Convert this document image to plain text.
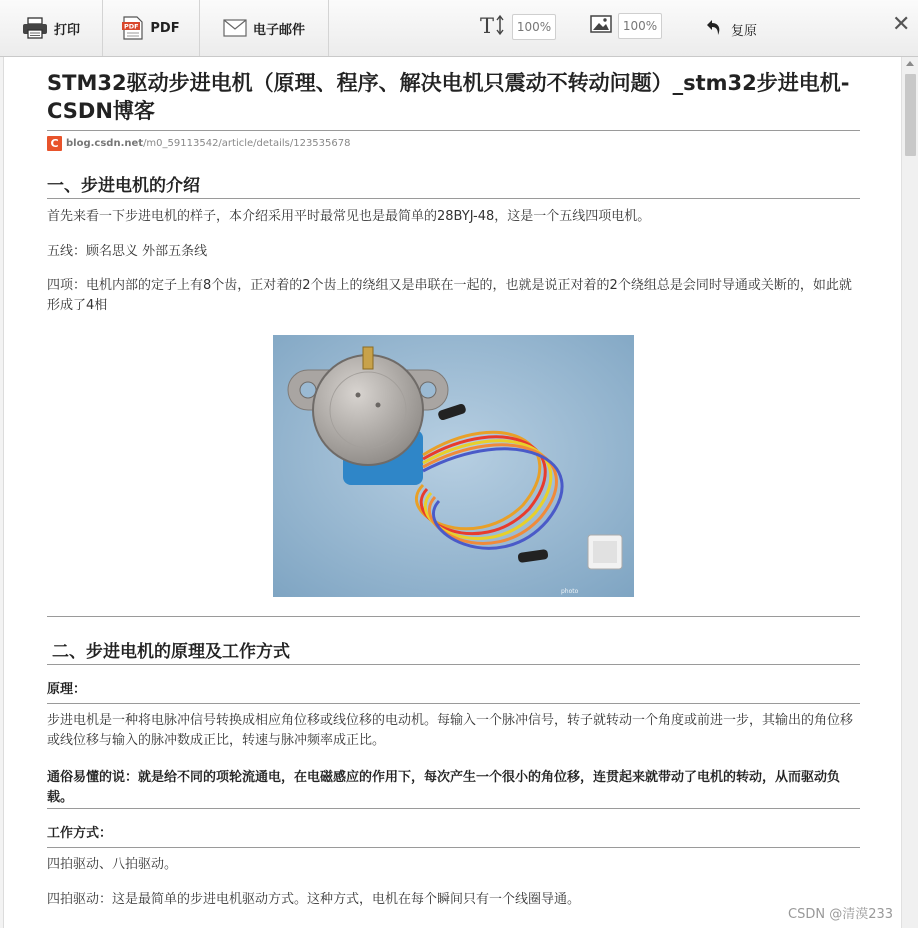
打印	PDF PDF	电子邮件	T	100%	100%	复原	✕
STM32驱动步进电机（原理、程序、解决电机只震动不转动问题）_stm32步进电机-CSDN博客
C blog.csdn.net /m0_59113542/article/details/123535678
一、步进电机的介绍

首先来看一下步进电机的样子，本介绍采用平时最常见也是最简单的28BYJ-48，这是一个五线四项电机。

五线：顾名思义 外部五条线

四项：电机内部的定子上有8个齿，正对着的2个齿上的绕组又是串联在一起的，也就是说正对着的2个绕组总是会同时导通或关断的，如此就形成了4相

photo
二、步进电机的原理及工作方式

原理：

步进电机是一种将电脉冲信号转换成相应角位移或线位移的电动机。每输入一个脉冲信号，转子就转动一个角度或前进一步，其输出的角位移或线位移与输入的脉冲数成正比，转速与脉冲频率成正比。

通俗易懂的说：就是给不同的项轮流通电，在电磁感应的作用下，每次产生一个很小的角位移，连贯起来就带动了电机的转动，从而驱动负载。

工作方式：

四拍驱动、八拍驱动。

四拍驱动：这是最简单的步进电机驱动方式。这种方式，电机在每个瞬间只有一个线圈导通。

CSDN @清漠233
